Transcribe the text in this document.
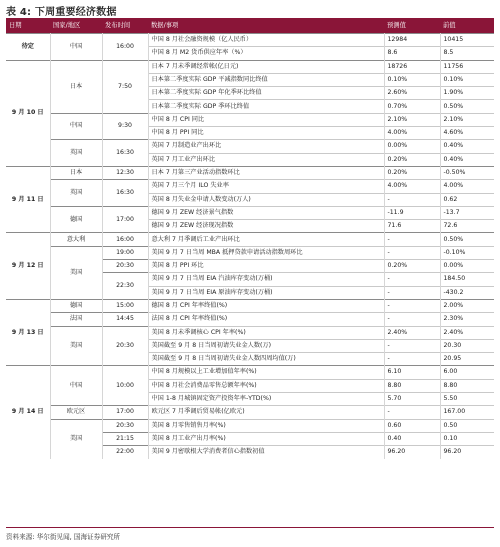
表 4: 下周重要经济数据
日期	国家/地区	发布时间	数据/事项	预测值	前值
待定	中国	16:00	中国 8 月社会融资规模（亿人民币）	12984	10415
			中国 8 月 M2 货币供应年率（%）	8.6	8.5
9 月 10 日	日本	7:50	日本 7 月未季调经常帐(亿日元)	18726	11756
			日本第二季度实际 GDP 平减指数同比终值	0.10%	0.10%
			日本第二季度实际 GDP 年化季环比终值	2.60%	1.90%
			日本第二季度实际 GDP 季环比终值	0.70%	0.50%
	中国	9:30	中国 8 月 CPI 同比	2.10%	2.10%
			中国 8 月 PPI 同比	4.00%	4.60%
	英国	16:30	英国 7 月制造业产出环比	0.00%	0.40%
			英国 7 月工业产出环比	0.20%	0.40%
9 月 11 日	日本	12:30	日本 7 月第三产业活动指数环比	0.20%	-0.50%
	英国	16:30	英国 7 月三个月 ILO 失业率	4.00%	4.00%
			英国 8 月失业金申请人数变动(万人)	-	0.62
	德国	17:00	德国 9 月 ZEW 经济景气指数	-11.9	-13.7
			德国 9 月 ZEW 经济现况指数	71.6	72.6
9 月 12 日	意大利	16:00	意大利 7 月季调后工业产出环比	-	0.50%
	美国	19:00	美国 9 月 7 日当周 MBA 抵押贷款申请活动指数周环比	-	-0.10%
		20:30	美国 8 月 PPI 环比	0.20%	0.00%
		22:30	美国 9 月 7 日当周 EIA 汽油库存变动(万桶)	-	184.50
			美国 9 月 7 日当周 EIA 原油库存变动(万桶)	-	-430.2
9 月 13 日	德国	15:00	德国 8 月 CPI 年率终值(%)	-	2.00%
	法国	14:45	法国 8 月 CPI 年率终值(%)	-	2.30%
	美国	20:30	美国 8 月未季调核心 CPI 年率(%)	2.40%	2.40%
			美国截至 9 月 8 日当周初请失业金人数(万)	-	20.30
			美国截至 9 月 8 日当周初请失业金人数四周均值(万)	-	20.95
9 月 14 日	中国	10:00	中国 8 月规模以上工业增加值年率(%)	6.10	6.00
			中国 8 月社会消费品零售总额年率(%)	8.80	8.80
			中国 1-8 月城镇固定资产投资年率-YTD(%)	5.70	5.50
	欧元区	17:00	欧元区 7 月季调后贸易帐(亿欧元)	-	167.00
	美国	20:30	美国 8 月零售销售月率(%)	0.60	0.50
		21:15	美国 8 月工业产出月率(%)	0.40	0.10
		22:00	美国 9 月密歇根大学消费者信心指数初值	96.20	96.20
资料来源: 华尔街见闻, 国海证券研究所
